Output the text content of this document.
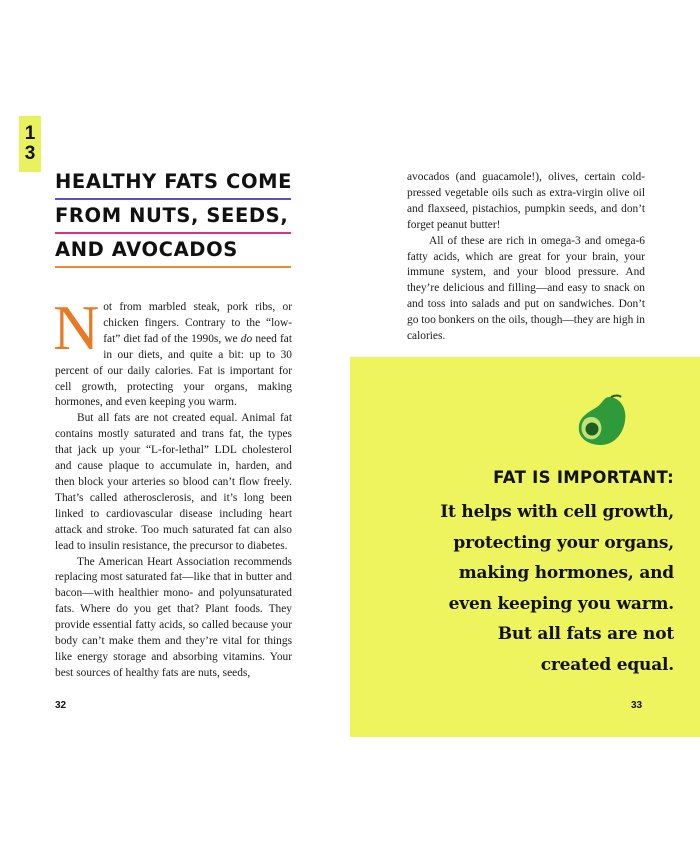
1
3
HEALTHY FATS COME
FROM NUTS, SEEDS,
AND AVOCADOS

Not from marbled steak, pork ribs, or chicken fingers. Contrary to the “low-fat” diet fad of the 1990s, we do need fat in our diets, and quite a bit: up to 30 percent of our daily calories. Fat is important for cell growth, protecting your organs, making hormones, and even keeping you warm.

But all fats are not created equal. Animal fat contains mostly saturated and trans fat, the types that jack up your “L-for-lethal” LDL cholesterol and cause plaque to accumulate in, harden, and then block your arteries so blood can’t flow freely. That’s called atherosclerosis, and it’s long been linked to cardiovascular disease including heart attack and stroke. Too much saturated fat can also lead to insulin resistance, the precursor to diabetes.

The American Heart Association recommends replacing most saturated fat—like that in butter and bacon—with healthier mono- and polyunsaturated fats. Where do you get that? Plant foods. They provide essential fatty acids, so called because your body can’t make them and they’re vital for things like energy storage and absorbing vitamins. Your best sources of healthy fats are nuts, seeds,

32

avocados (and guacamole!), olives, certain cold-pressed vegetable oils such as extra-virgin olive oil and flaxseed, pistachios, pumpkin seeds, and don’t forget peanut butter!

All of these are rich in omega-3 and omega-6 fatty acids, which are great for your brain, your immune system, and your blood pressure. And they’re delicious and filling—and easy to snack on and toss into salads and put on sandwiches. Don’t go too bonkers on the oils, though—they are high in calories.

FAT IS IMPORTANT:
It helps with cell growth,
protecting your organs,
making hormones, and
even keeping you warm.
But all fats are not
created equal.
33
